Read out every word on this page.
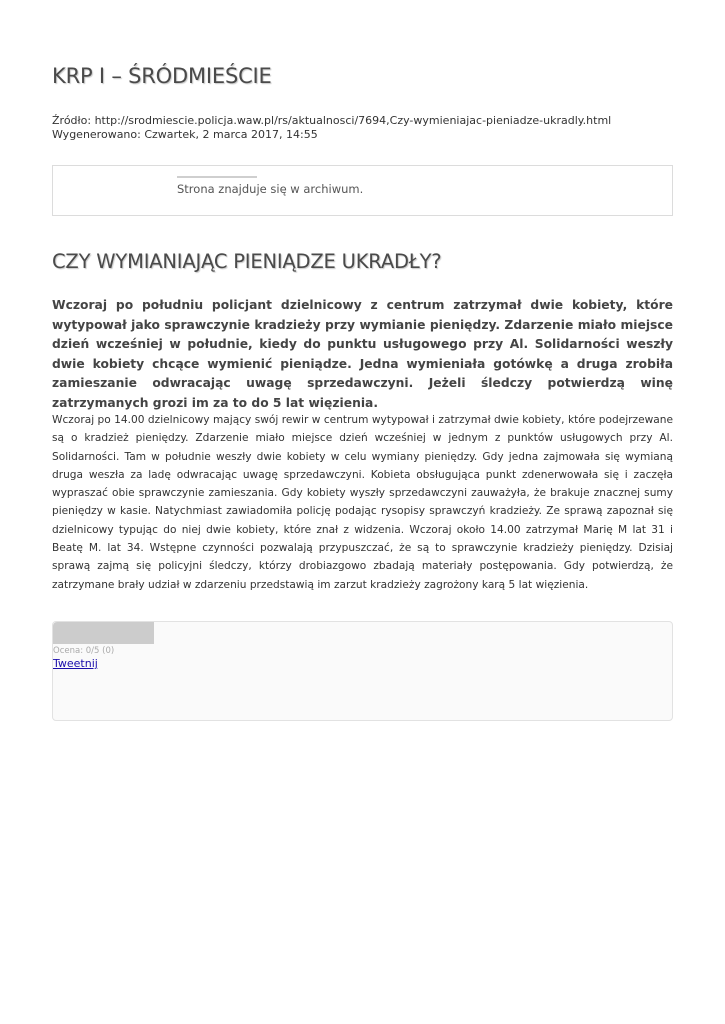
KRP I – ŚRÓDMIEŚCIE
Źródło: http://srodmiescie.policja.waw.pl/rs/aktualnosci/7694,Czy-wymieniajac-pieniadze-ukradly.html
Wygenerowano: Czwartek, 2 marca 2017, 14:55
Strona znajduje się w archiwum.
CZY WYMIANIAJĄC PIENIĄDZE UKRADŁY?

Wczoraj po południu policjant dzielnicowy z centrum zatrzymał dwie kobiety, które wytypował jako sprawczynie kradzieży przy wymianie pieniędzy. Zdarzenie miało miejsce dzień wcześniej w południe, kiedy do punktu usługowego przy Al. Solidarności weszły dwie kobiety chcące wymienić pieniądze. Jedna wymieniała gotówkę a druga zrobiła zamieszanie odwracając uwagę sprzedawczyni. Jeżeli śledczy potwierdzą winę zatrzymanych grozi im za to do 5 lat więzienia.

Wczoraj po 14.00 dzielnicowy mający swój rewir w centrum wytypował i zatrzymał dwie kobiety, które podejrzewane są o kradzież pieniędzy. Zdarzenie miało miejsce dzień wcześniej w jednym z punktów usługowych przy Al. Solidarności. Tam w południe weszły dwie kobiety w celu wymiany pieniędzy. Gdy jedna zajmowała się wymianą druga weszła za ladę odwracając uwagę sprzedawczyni. Kobieta obsługująca punkt zdenerwowała się i zaczęła wypraszać obie sprawczynie zamieszania. Gdy kobiety wyszły sprzedawczyni zauważyła, że brakuje znacznej sumy pieniędzy w kasie. Natychmiast zawiadomiła policję podając rysopisy sprawczyń kradzieży. Ze sprawą zapoznał się dzielnicowy typując do niej dwie kobiety, które znał z widzenia. Wczoraj około 14.00 zatrzymał Marię M lat 31 i Beatę M. lat 34. Wstępne czynności pozwalają przypuszczać, że są to sprawczynie kradzieży pieniędzy. Dzisiaj sprawą zajmą się policyjni śledczy, którzy drobiazgowo zbadają materiały postępowania. Gdy potwierdzą, że zatrzymane brały udział w zdarzeniu przedstawią im zarzut kradzieży zagrożony karą 5 lat więzienia.

Ocena: 0/5 (0)
Tweetnij
